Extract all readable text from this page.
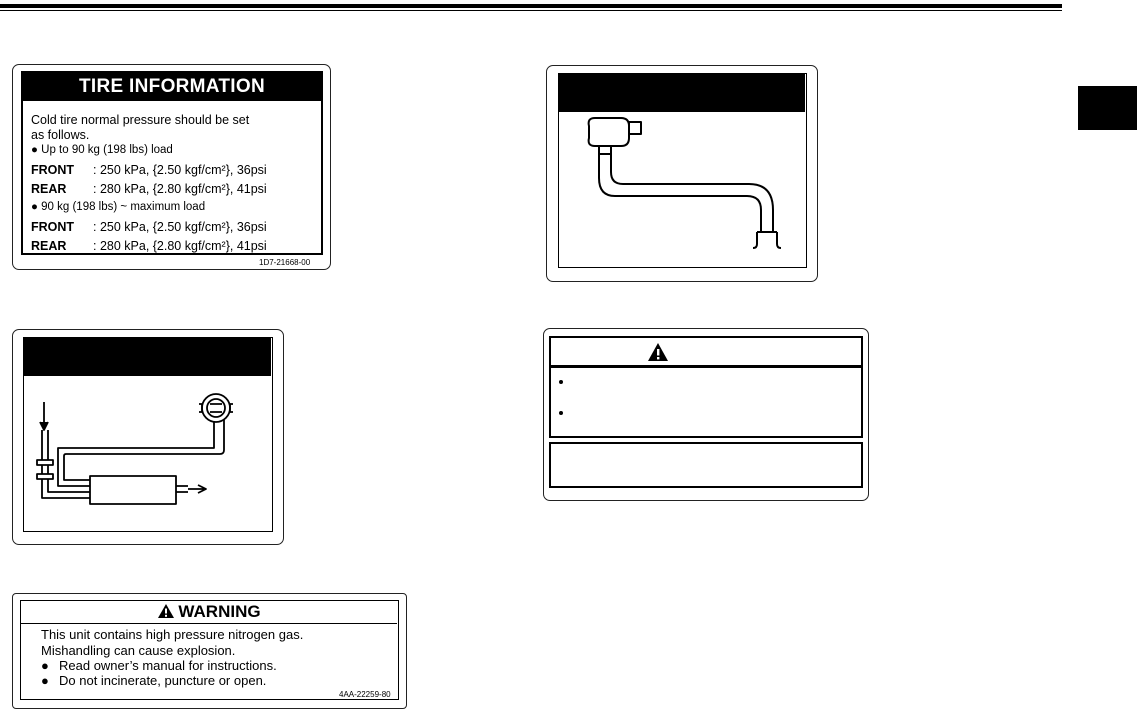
TIRE INFORMATION
Cold tire normal pressure should be set
as follows.
● Up to 90 kg (198 lbs) load
FRONT : 250 kPa, {2.50 kgf/cm²}, 36psi
REAR : 280 kPa, {2.80 kgf/cm²}, 41psi
● 90 kg (198 lbs) ~ maximum load
FRONT : 250 kPa, {2.50 kgf/cm²}, 36psi
REAR : 280 kPa, {2.80 kgf/cm²}, 41psi
1D7-21668-00
WARNING
This unit contains high pressure nitrogen gas.
Mishandling can cause explosion.
● Read owner’s manual for instructions.
● Do not incinerate, puncture or open.
4AA-22259-80
